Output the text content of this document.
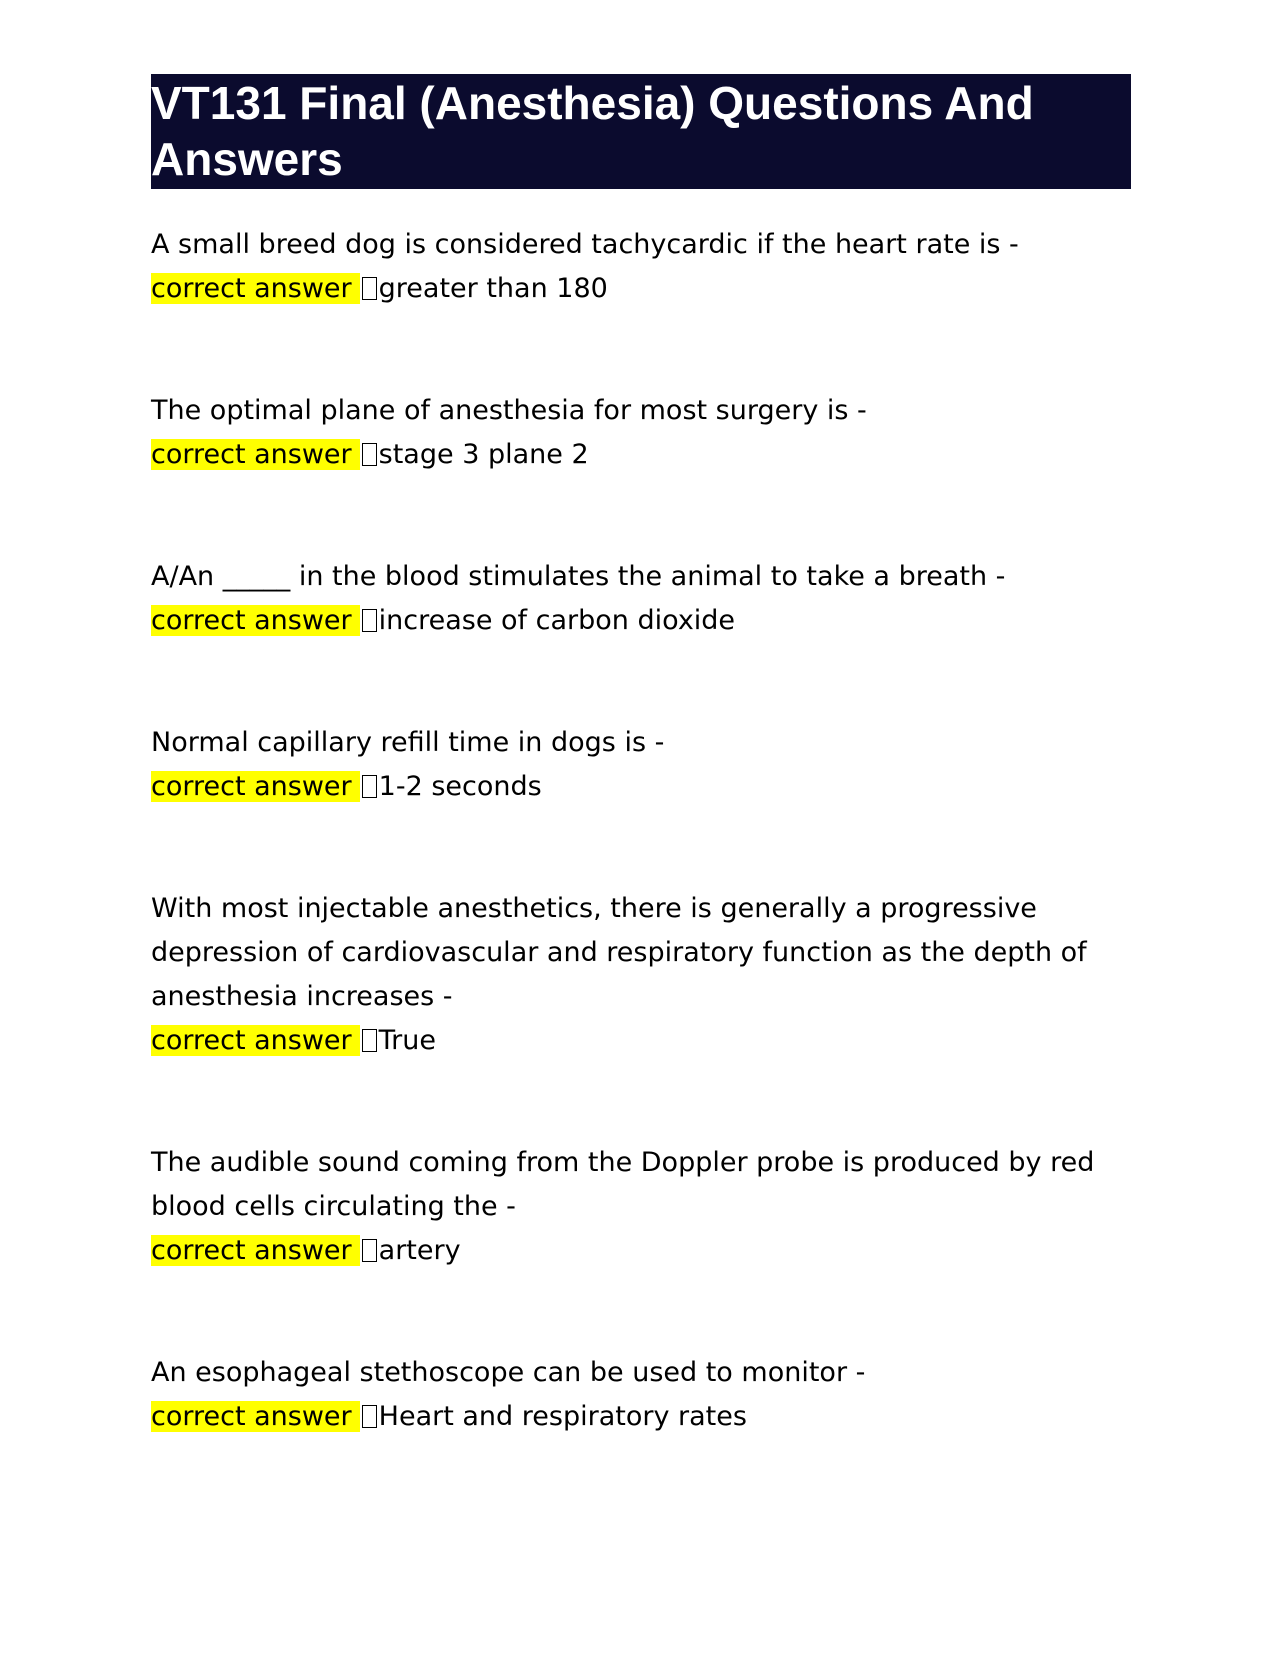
VT131 Final (Anesthesia) Questions And Answers
A small breed dog is considered tachycardic if the heart rate is -
correct answer greater than 180
The optimal plane of anesthesia for most surgery is -
correct answer stage 3 plane 2
A/An _____ in the blood stimulates the animal to take a breath -
correct answer increase of carbon dioxide
Normal capillary refill time in dogs is -
correct answer 1-2 seconds
With most injectable anesthetics, there is generally a progressive depression of cardiovascular and respiratory function as the depth of anesthesia increases -
correct answer True
The audible sound coming from the Doppler probe is produced by red blood cells circulating the -
correct answer artery
An esophageal stethoscope can be used to monitor -
correct answer Heart and respiratory rates
